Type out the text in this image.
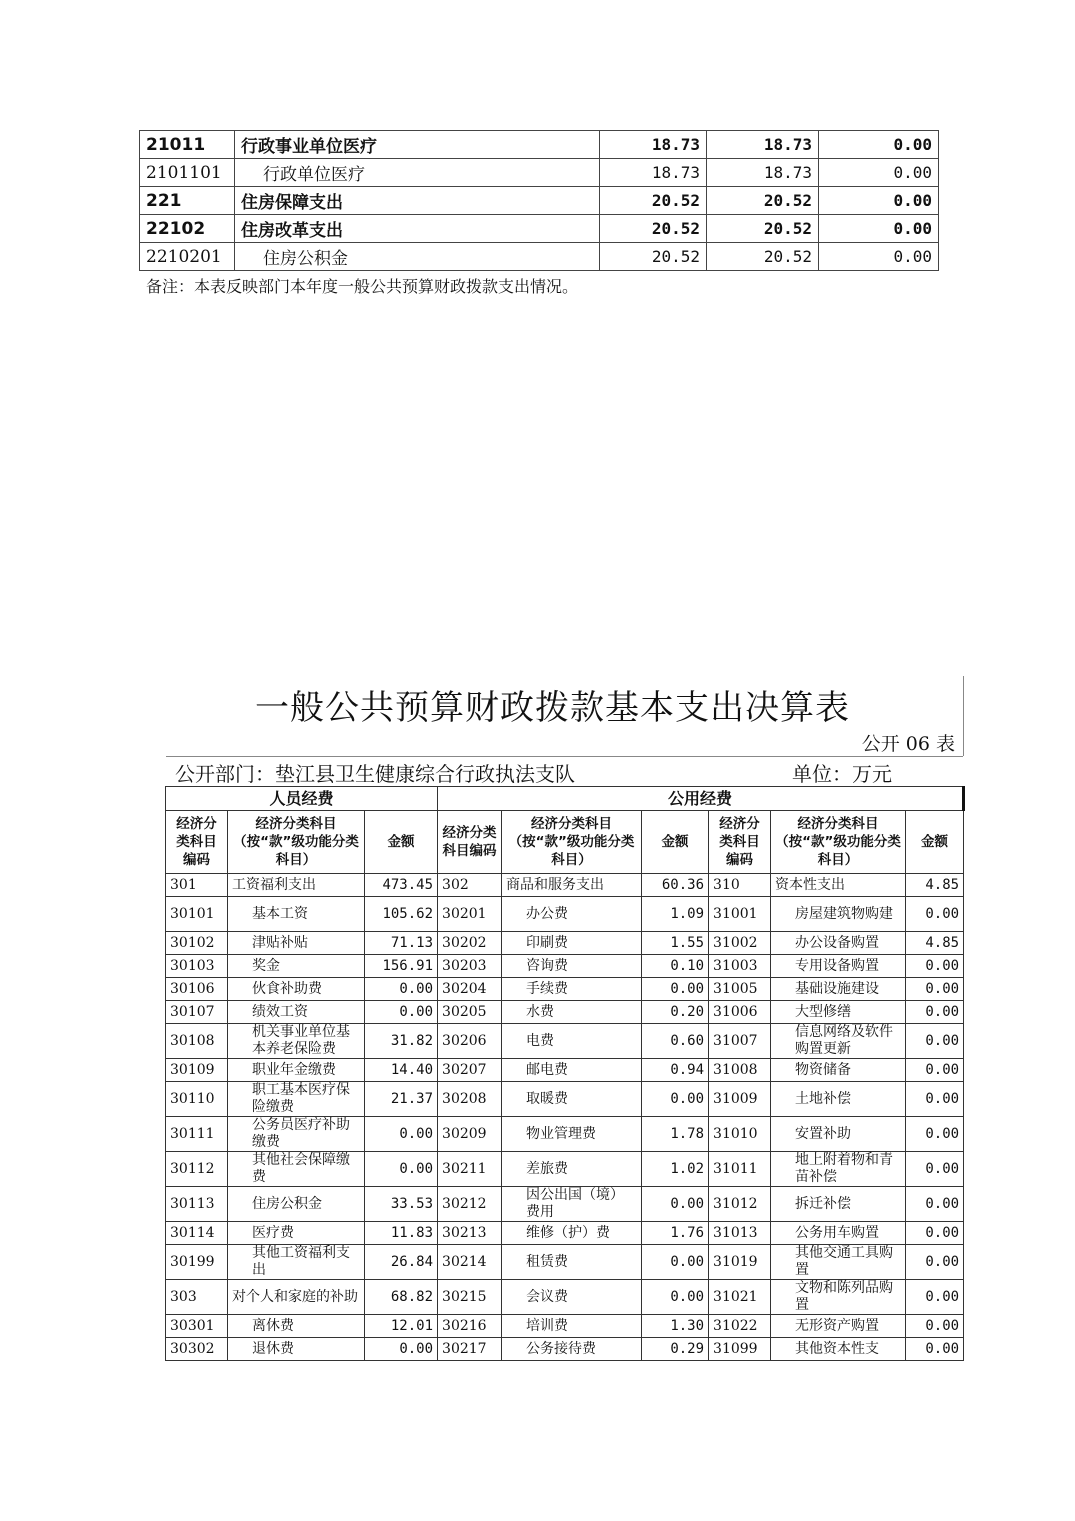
21011	行政事业单位医疗	18.73	18.73	0.00
2101101	行政单位医疗	18.73	18.73	0.00
221	住房保障支出	20.52	20.52	0.00
22102	住房改革支出	20.52	20.52	0.00
2210201	住房公积金	20.52	20.52	0.00
备注：本表反映部门本年度一般公共预算财政拨款支出情况。
一般公共预算财政拨款基本支出决算表
公开 06 表
公开部门：垫江县卫生健康综合行政执法支队	单位：万元
人员经费			公用经费					
经济分类科目编码	经济分类科目（按“款”级功能分类科目）	金额	经济分类科目编码	经济分类科目（按“款”级功能分类科目）	金额	经济分类科目编码	经济分类科目（按“款”级功能分类科目）	金额
301	工资福利支出	473.45	302	商品和服务支出	60.36	310	资本性支出	4.85
30101	基本工资	105.62	30201	办公费	1.09	31001	房屋建筑物购建	0.00
30102	津贴补贴	71.13	30202	印刷费	1.55	31002	办公设备购置	4.85
30103	奖金	156.91	30203	咨询费	0.10	31003	专用设备购置	0.00
30106	伙食补助费	0.00	30204	手续费	0.00	31005	基础设施建设	0.00
30107	绩效工资	0.00	30205	水费	0.20	31006	大型修缮	0.00
30108	机关事业单位基本养老保险费	31.82	30206	电费	0.60	31007	信息网络及软件购置更新	0.00
30109	职业年金缴费	14.40	30207	邮电费	0.94	31008	物资储备	0.00
30110	职工基本医疗保险缴费	21.37	30208	取暖费	0.00	31009	土地补偿	0.00
30111	公务员医疗补助缴费	0.00	30209	物业管理费	1.78	31010	安置补助	0.00
30112	其他社会保障缴费	0.00	30211	差旅费	1.02	31011	地上附着物和青苗补偿	0.00
30113	住房公积金	33.53	30212	因公出国（境）费用	0.00	31012	拆迁补偿	0.00
30114	医疗费	11.83	30213	维修（护）费	1.76	31013	公务用车购置	0.00
30199	其他工资福利支出	26.84	30214	租赁费	0.00	31019	其他交通工具购置	0.00
303	对个人和家庭的补助	68.82	30215	会议费	0.00	31021	文物和陈列品购置	0.00
30301	离休费	12.01	30216	培训费	1.30	31022	无形资产购置	0.00
30302	退休费	0.00	30217	公务接待费	0.29	31099	其他资本性支	0.00
